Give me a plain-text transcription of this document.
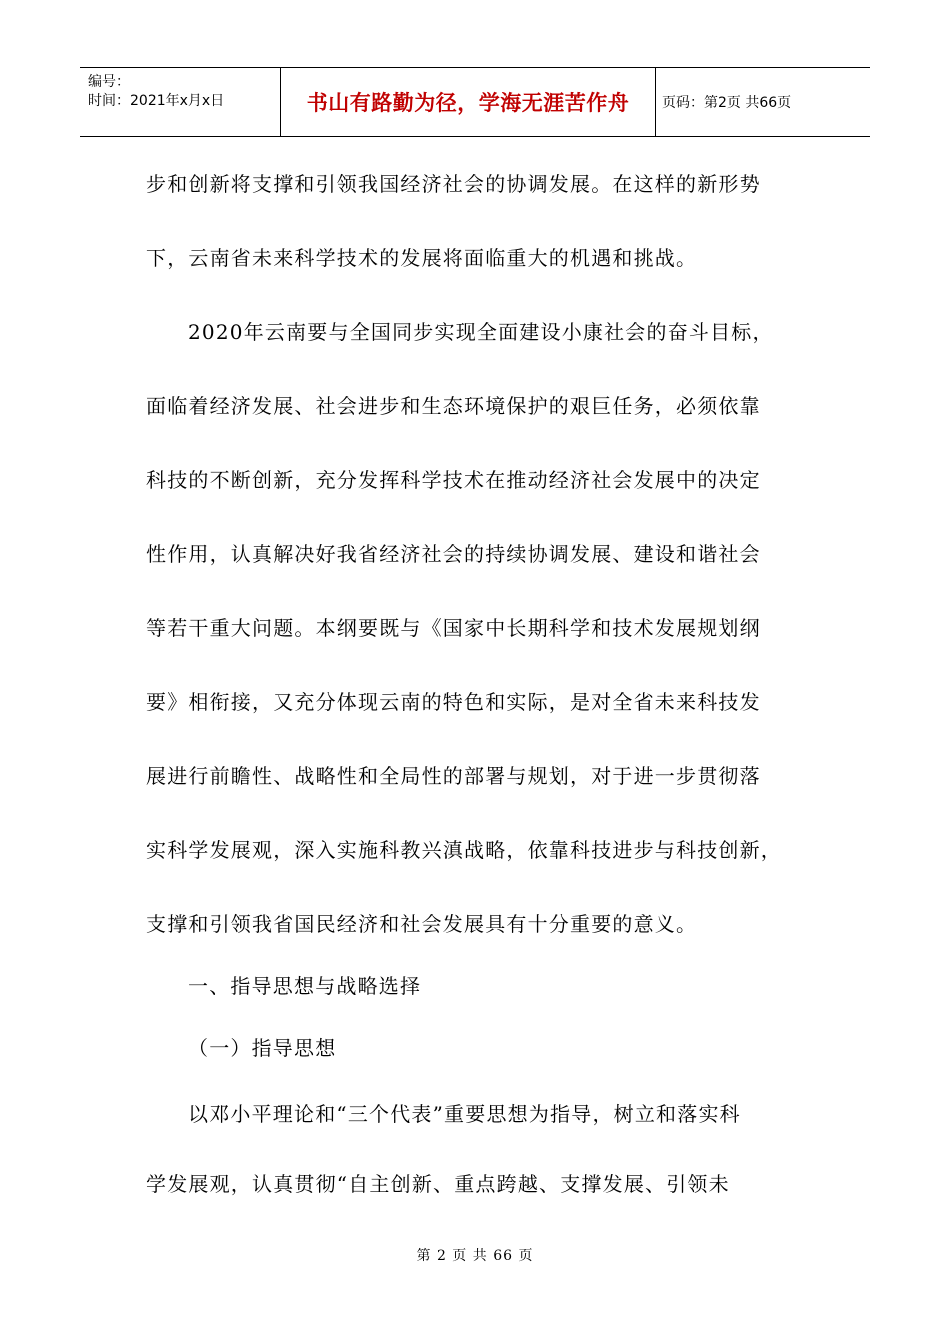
编号：
时间：2021年x月x日	书山有路勤为径，学海无涯苦作舟	页码：第2页 共66页
步和创新将支撑和引领我国经济社会的协调发展。在这样的新形势
下，云南省未来科学技术的发展将面临重大的机遇和挑战。
2020年云南要与全国同步实现全面建设小康社会的奋斗目标，
面临着经济发展、社会进步和生态环境保护的艰巨任务，必须依靠
科技的不断创新，充分发挥科学技术在推动经济社会发展中的决定
性作用，认真解决好我省经济社会的持续协调发展、建设和谐社会
等若干重大问题。本纲要既与《国家中长期科学和技术发展规划纲
要》相衔接，又充分体现云南的特色和实际，是对全省未来科技发
展进行前瞻性、战略性和全局性的部署与规划，对于进一步贯彻落
实科学发展观，深入实施科教兴滇战略，依靠科技进步与科技创新，
支撑和引领我省国民经济和社会发展具有十分重要的意义。
一、指导思想与战略选择
（一）指导思想
以邓小平理论和“三个代表”重要思想为指导，树立和落实科
学发展观，认真贯彻“自主创新、重点跨越、支撑发展、引领未
第 2 页 共 66 页
